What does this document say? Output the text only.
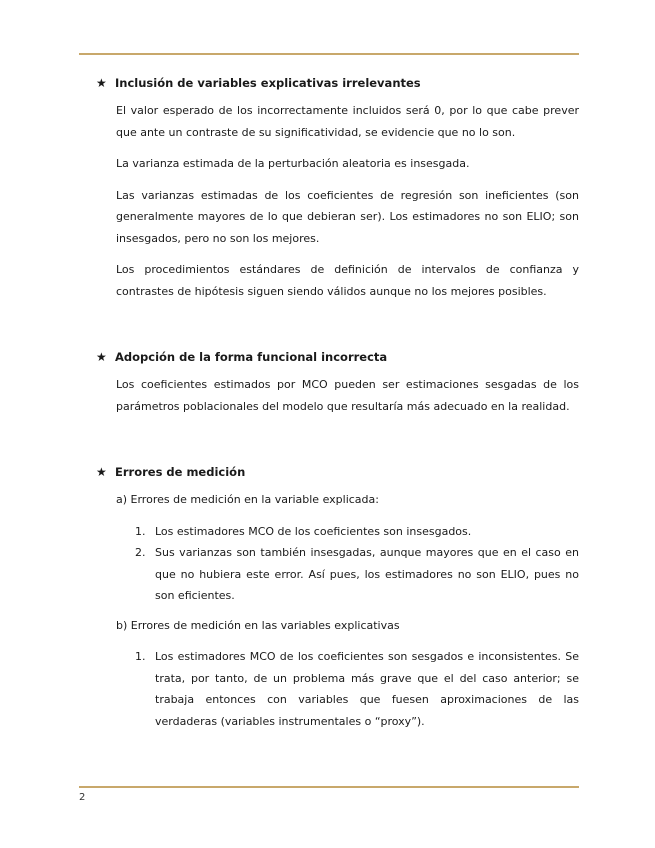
★ Inclusión de variables explicativas irrelevantes

El valor esperado de los incorrectamente incluidos será 0, por lo que cabe prever que ante un contraste de su significatividad, se evidencie que no lo son.

La varianza estimada de la perturbación aleatoria es insesgada.

Las varianzas estimadas de los coeficientes de regresión son ineficientes (son generalmente mayores de lo que debieran ser). Los estimadores no son ELIO; son insesgados, pero no son los mejores.

Los procedimientos estándares de definición de intervalos de confianza y contrastes de hipótesis siguen siendo válidos aunque no los mejores posibles.

★ Adopción de la forma funcional incorrecta

Los coeficientes estimados por MCO pueden ser estimaciones sesgadas de los parámetros poblacionales del modelo que resultaría más adecuado en la realidad.

★ Errores de medición

a) Errores de medición en la variable explicada:

1. Los estimadores MCO de los coeficientes son insesgados.
2. Sus varianzas son también insesgadas, aunque mayores que en el caso en que no hubiera este error. Así pues, los estimadores no son ELIO, pues no son eficientes.

b) Errores de medición en las variables explicativas

1. Los estimadores MCO de los coeficientes son sesgados e inconsistentes. Se trata, por tanto, de un problema más grave que el del caso anterior; se trabaja entonces con variables que fuesen aproximaciones de las verdaderas (variables instrumentales o “proxy”).
2
